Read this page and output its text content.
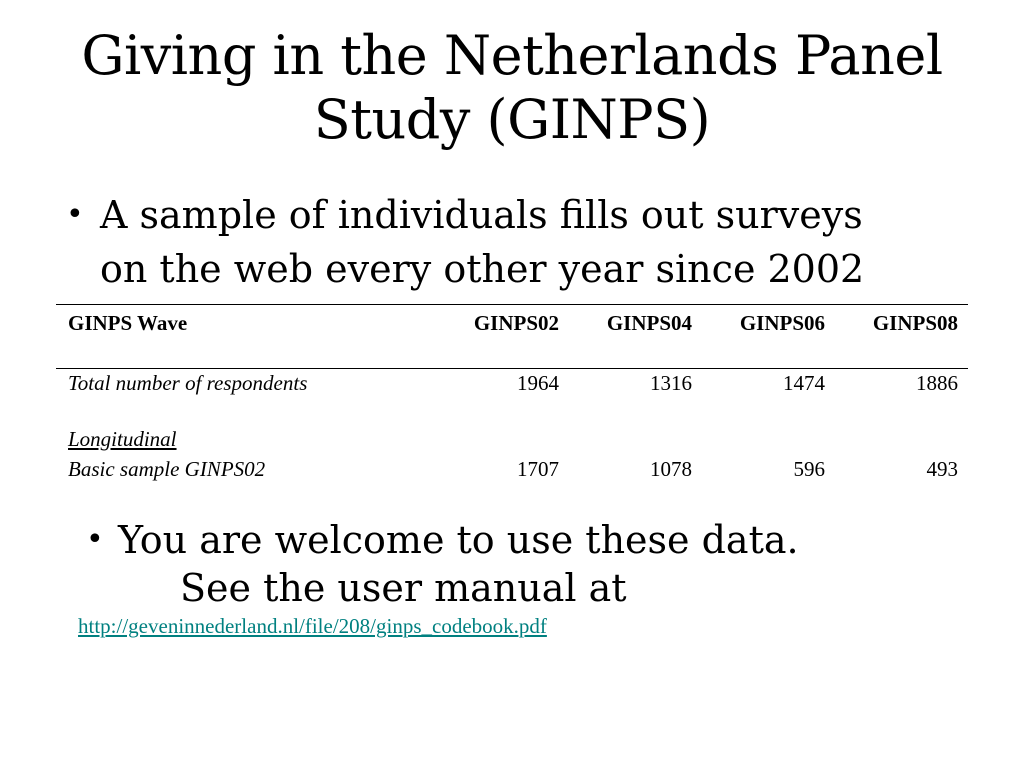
Giving in the Netherlands Panel
Study (GINPS)
• A sample of individuals fills out surveys
on the web every other year since 2002
GINPS Wave	GINPS02	GINPS04	GINPS06	GINPS08
Total number of respondents	1964	1316	1474	1886
Longitudinal				
Basic sample GINPS02	1707	1078	596	493
• You are welcome to use these data.
See the user manual at
http://geveninnederland.nl/file/208/ginps_codebook.pdf
